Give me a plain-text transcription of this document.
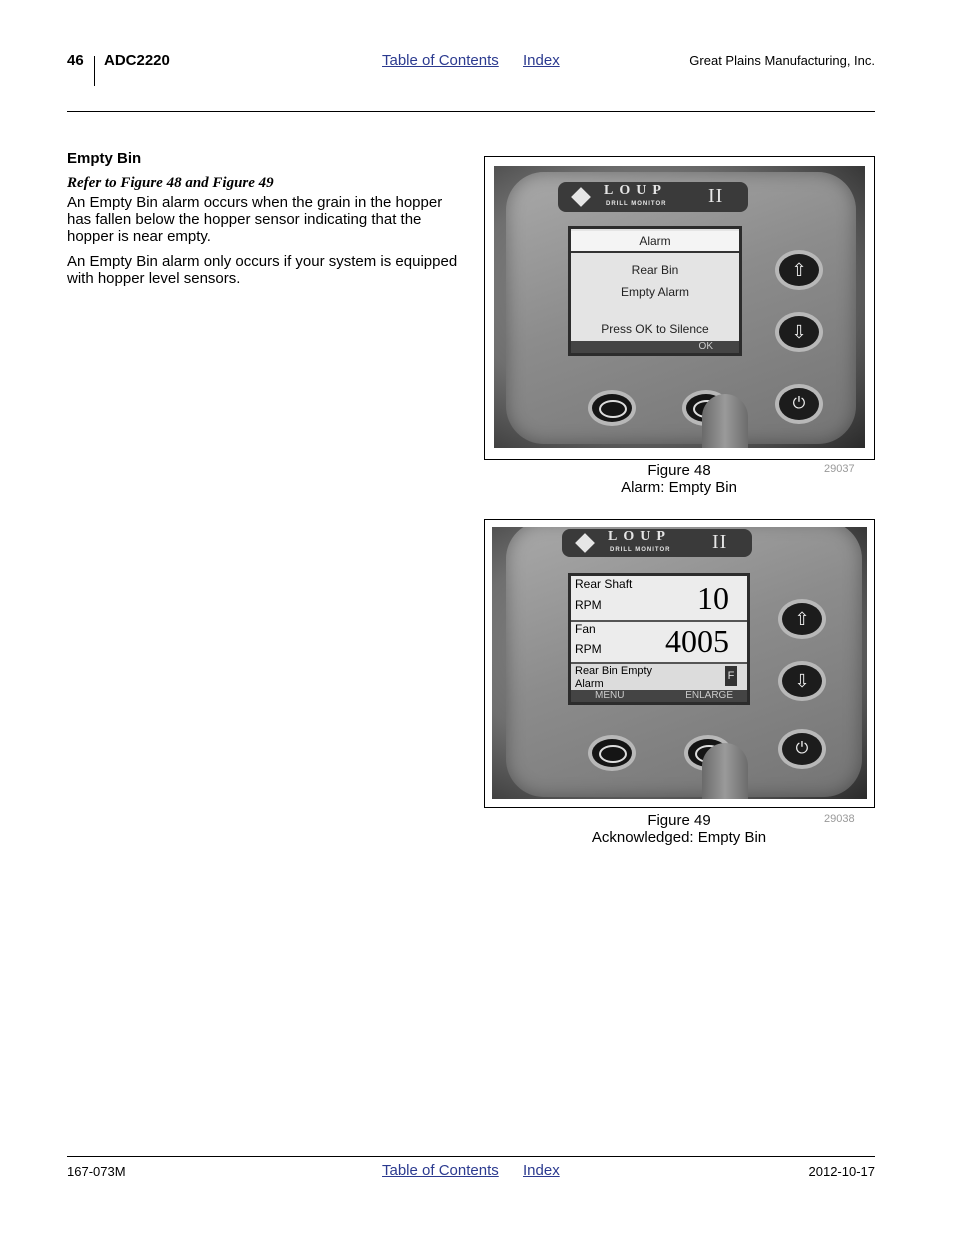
46 ADC2220	Table of Contents Index	Great Plains Manufacturing, Inc.
Empty Bin
Refer to Figure 48 and Figure 49
An Empty Bin alarm occurs when the grain in the hopper has fallen below the hopper sensor indicating that the hopper is near empty.
An Empty Bin alarm only occurs if your system is equipped with hopper level sensors.
LOUP
DRILL MONITOR II
Alarm
Rear Bin
Empty Alarm
Press OK to Silence
OK
⇧
⇩
⏻
Figure 48
Alarm: Empty Bin
29037
LOUP
DRILL MONITOR II
Rear Shaft
RPM	10
Fan
RPM 4005
Rear Bin Empty
Alarm
F
MENU	ENLARGE
⇧
⇩
⏻
Figure 49
Acknowledged: Empty Bin
29038
167-073M	Table of Contents Index	2012-10-17
